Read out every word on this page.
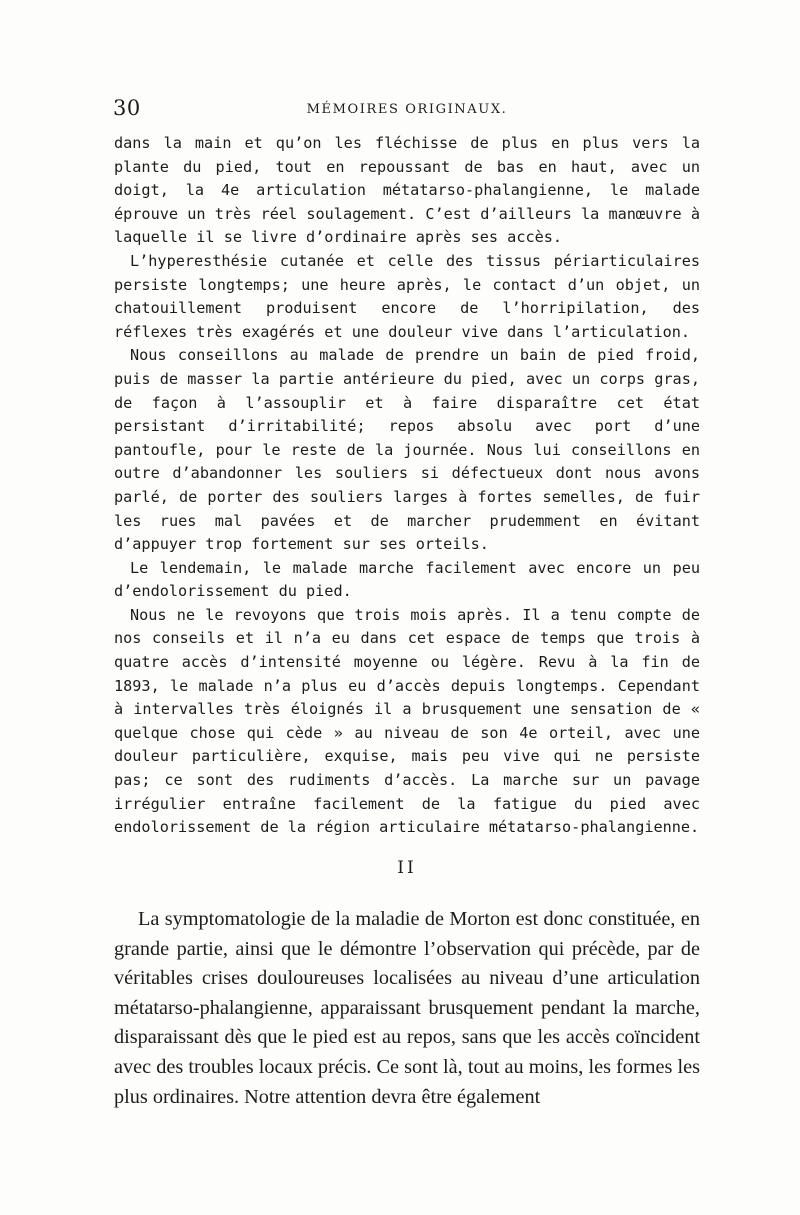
30	MÉMOIRES ORIGINAUX.

dans la main et qu’on les fléchisse de plus en plus vers la plante du pied, tout en repoussant de bas en haut, avec un doigt, la 4e articulation métatarso-phalangienne, le malade éprouve un très réel soulagement. C’est d’ailleurs la manœuvre à laquelle il se livre d’ordinaire après ses accès.

L’hyperesthésie cutanée et celle des tissus périarticulaires persiste longtemps; une heure après, le contact d’un objet, un chatouillement produisent encore de l’horripilation, des réflexes très exagérés et une douleur vive dans l’articulation.

Nous conseillons au malade de prendre un bain de pied froid, puis de masser la partie antérieure du pied, avec un corps gras, de façon à l’assouplir et à faire disparaître cet état persistant d’irritabilité; repos absolu avec port d’une pantoufle, pour le reste de la journée. Nous lui conseillons en outre d’abandonner les souliers si défectueux dont nous avons parlé, de porter des souliers larges à fortes semelles, de fuir les rues mal pavées et de marcher prudemment en évitant d’appuyer trop fortement sur ses orteils.

Le lendemain, le malade marche facilement avec encore un peu d’endolorissement du pied.

Nous ne le revoyons que trois mois après. Il a tenu compte de nos conseils et il n’a eu dans cet espace de temps que trois à quatre accès d’intensité moyenne ou légère. Revu à la fin de 1893, le malade n’a plus eu d’accès depuis longtemps. Cependant à intervalles très éloignés il a brusquement une sensation de « quelque chose qui cède » au niveau de son 4e orteil, avec une douleur particulière, exquise, mais peu vive qui ne persiste pas; ce sont des rudiments d’accès. La marche sur un pavage irrégulier entraîne facilement de la fatigue du pied avec endolorissement de la région articulaire métatarso-phalangienne.

II

La symptomatologie de la maladie de Morton est donc constituée, en grande partie, ainsi que le démontre l’observation qui précède, par de véritables crises douloureuses localisées au niveau d’une articulation métatarso-phalangienne, apparaissant brusquement pendant la marche, disparaissant dès que le pied est au repos, sans que les accès coïncident avec des troubles locaux précis. Ce sont là, tout au moins, les formes les plus ordinaires. Notre attention devra être également
